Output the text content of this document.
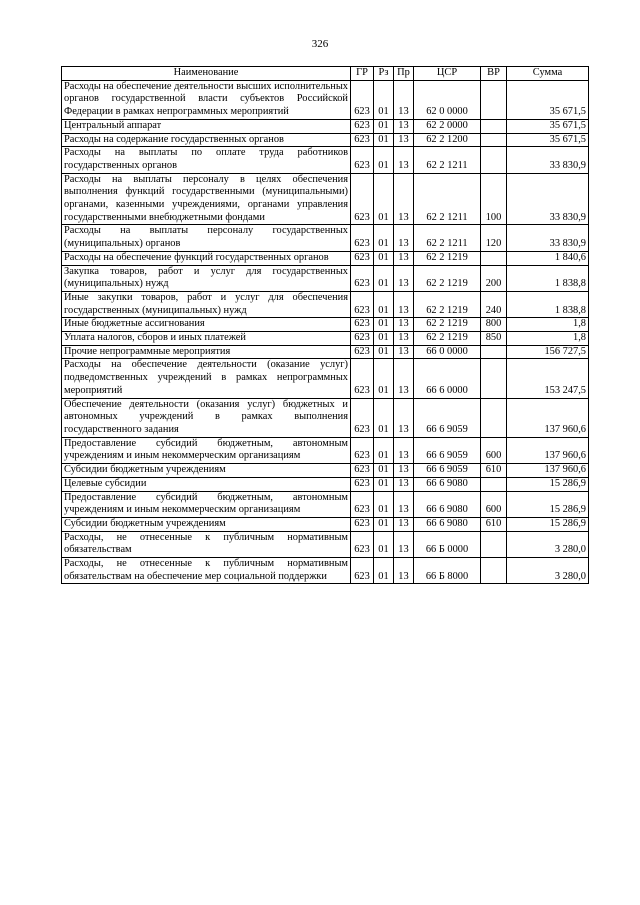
326
Наименование	ГР	Рз	Пр	ЦСР	ВР	Сумма
Расходы на обеспечение деятельности высших исполнительных органов государственной власти субъектов Российской Федерации в рамках непрограммных мероприятий	623	01	13	62 0 0000		35 671,5
Центральный аппарат	623	01	13	62 2 0000		35 671,5
Расходы на содержание государственных органов	623	01	13	62 2 1200		35 671,5
Расходы на выплаты по оплате труда работников государственных органов	623	01	13	62 2 1211		33 830,9
Расходы на выплаты персоналу в целях обеспечения выполнения функций государственными (муниципальными) органами, казенными учреждениями, органами управления государственными внебюджетными фондами	623	01	13	62 2 1211	100	33 830,9
Расходы на выплаты персоналу государственных (муниципальных) органов	623	01	13	62 2 1211	120	33 830,9
Расходы на обеспечение функций государственных органов	623	01	13	62 2 1219		1 840,6
Закупка товаров, работ и услуг для государственных (муниципальных) нужд	623	01	13	62 2 1219	200	1 838,8
Иные закупки товаров, работ и услуг для обеспечения государственных (муниципальных) нужд	623	01	13	62 2 1219	240	1 838,8
Иные бюджетные ассигнования	623	01	13	62 2 1219	800	1,8
Уплата налогов, сборов и иных платежей	623	01	13	62 2 1219	850	1,8
Прочие непрограммные мероприятия	623	01	13	66 0 0000		156 727,5
Расходы на обеспечение деятельности (оказание услуг) подведомственных учреждений в рамках непрограммных мероприятий	623	01	13	66 6 0000		153 247,5
Обеспечение деятельности (оказания услуг) бюджетных и автономных учреждений в рамках выполнения государственного задания	623	01	13	66 6 9059		137 960,6
Предоставление субсидий бюджетным, автономным учреждениям и иным некоммерческим организациям	623	01	13	66 6 9059	600	137 960,6
Субсидии бюджетным учреждениям	623	01	13	66 6 9059	610	137 960,6
Целевые субсидии	623	01	13	66 6 9080		15 286,9
Предоставление субсидий бюджетным, автономным учреждениям и иным некоммерческим организациям	623	01	13	66 6 9080	600	15 286,9
Субсидии бюджетным учреждениям	623	01	13	66 6 9080	610	15 286,9
Расходы, не отнесенные к публичным нормативным обязательствам	623	01	13	66 Б 0000		3 280,0
Расходы, не отнесенные к публичным нормативным обязательствам на обеспечение мер социальной поддержки	623	01	13	66 Б 8000		3 280,0
